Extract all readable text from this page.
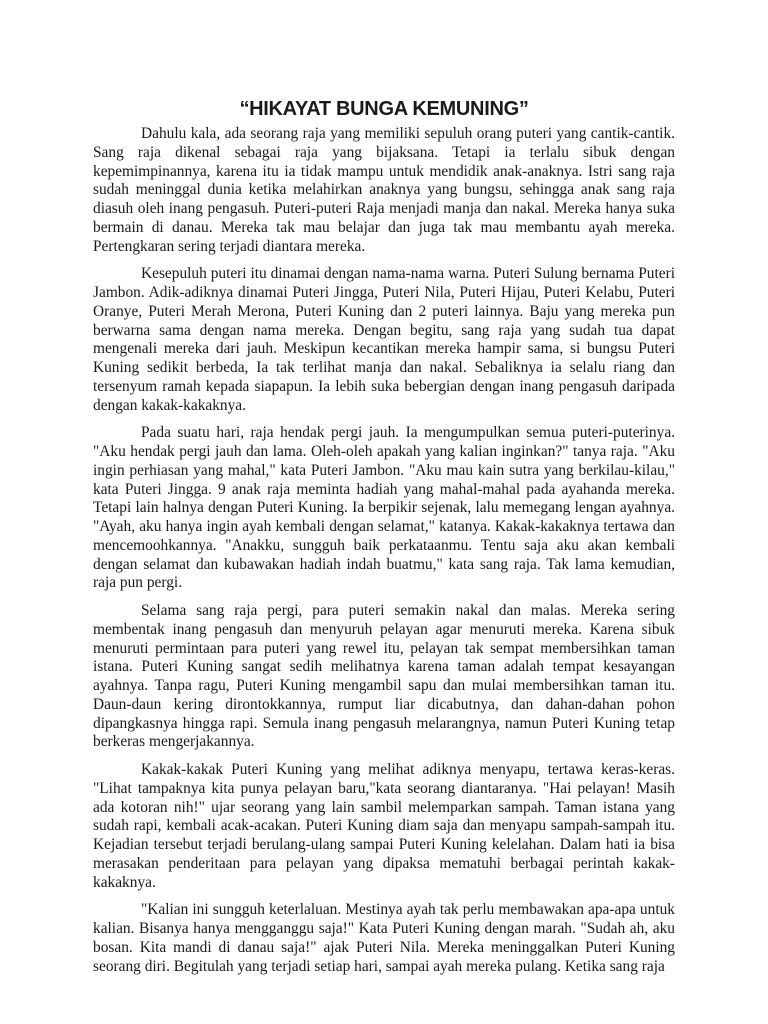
“HIKAYAT BUNGA KEMUNING”

Dahulu kala, ada seorang raja yang memiliki sepuluh orang puteri yang cantik-cantik. Sang raja dikenal sebagai raja yang bijaksana. Tetapi ia terlalu sibuk dengan kepemimpinannya, karena itu ia tidak mampu untuk mendidik anak-anaknya. Istri sang raja sudah meninggal dunia ketika melahirkan anaknya yang bungsu, sehingga anak sang raja diasuh oleh inang pengasuh. Puteri-puteri Raja menjadi manja dan nakal. Mereka hanya suka bermain di danau. Mereka tak mau belajar dan juga tak mau membantu ayah mereka. Pertengkaran sering terjadi diantara mereka.

Kesepuluh puteri itu dinamai dengan nama-nama warna. Puteri Sulung bernama Puteri Jambon. Adik-adiknya dinamai Puteri Jingga, Puteri Nila, Puteri Hijau, Puteri Kelabu, Puteri Oranye, Puteri Merah Merona, Puteri Kuning dan 2 puteri lainnya. Baju yang mereka pun berwarna sama dengan nama mereka. Dengan begitu, sang raja yang sudah tua dapat mengenali mereka dari jauh. Meskipun kecantikan mereka hampir sama, si bungsu Puteri Kuning sedikit berbeda, Ia tak terlihat manja dan nakal. Sebaliknya ia selalu riang dan tersenyum ramah kepada siapapun. Ia lebih suka bebergian dengan inang pengasuh daripada dengan kakak-kakaknya.

Pada suatu hari, raja hendak pergi jauh. Ia mengumpulkan semua puteri-puterinya. "Aku hendak pergi jauh dan lama. Oleh-oleh apakah yang kalian inginkan?" tanya raja. "Aku ingin perhiasan yang mahal," kata Puteri Jambon. "Aku mau kain sutra yang berkilau-kilau," kata Puteri Jingga. 9 anak raja meminta hadiah yang mahal-mahal pada ayahanda mereka. Tetapi lain halnya dengan Puteri Kuning. Ia berpikir sejenak, lalu memegang lengan ayahnya. "Ayah, aku hanya ingin ayah kembali dengan selamat," katanya. Kakak-kakaknya tertawa dan mencemoohkannya. "Anakku, sungguh baik perkataanmu. Tentu saja aku akan kembali dengan selamat dan kubawakan hadiah indah buatmu," kata sang raja. Tak lama kemudian, raja pun pergi.

Selama sang raja pergi, para puteri semakin nakal dan malas. Mereka sering membentak inang pengasuh dan menyuruh pelayan agar menuruti mereka. Karena sibuk menuruti permintaan para puteri yang rewel itu, pelayan tak sempat membersihkan taman istana. Puteri Kuning sangat sedih melihatnya karena taman adalah tempat kesayangan ayahnya. Tanpa ragu, Puteri Kuning mengambil sapu dan mulai membersihkan taman itu. Daun-daun kering dirontokkannya, rumput liar dicabutnya, dan dahan-dahan pohon dipangkasnya hingga rapi. Semula inang pengasuh melarangnya, namun Puteri Kuning tetap berkeras mengerjakannya.

Kakak-kakak Puteri Kuning yang melihat adiknya menyapu, tertawa keras-keras. "Lihat tampaknya kita punya pelayan baru,"kata seorang diantaranya. "Hai pelayan! Masih ada kotoran nih!" ujar seorang yang lain sambil melemparkan sampah. Taman istana yang sudah rapi, kembali acak-acakan. Puteri Kuning diam saja dan menyapu sampah-sampah itu. Kejadian tersebut terjadi berulang-ulang sampai Puteri Kuning kelelahan. Dalam hati ia bisa merasakan penderitaan para pelayan yang dipaksa mematuhi berbagai perintah kakak-kakaknya.

"Kalian ini sungguh keterlaluan. Mestinya ayah tak perlu membawakan apa-apa untuk kalian. Bisanya hanya mengganggu saja!" Kata Puteri Kuning dengan marah. "Sudah ah, aku bosan. Kita mandi di danau saja!" ajak Puteri Nila. Mereka meninggalkan Puteri Kuning seorang diri. Begitulah yang terjadi setiap hari, sampai ayah mereka pulang. Ketika sang raja
